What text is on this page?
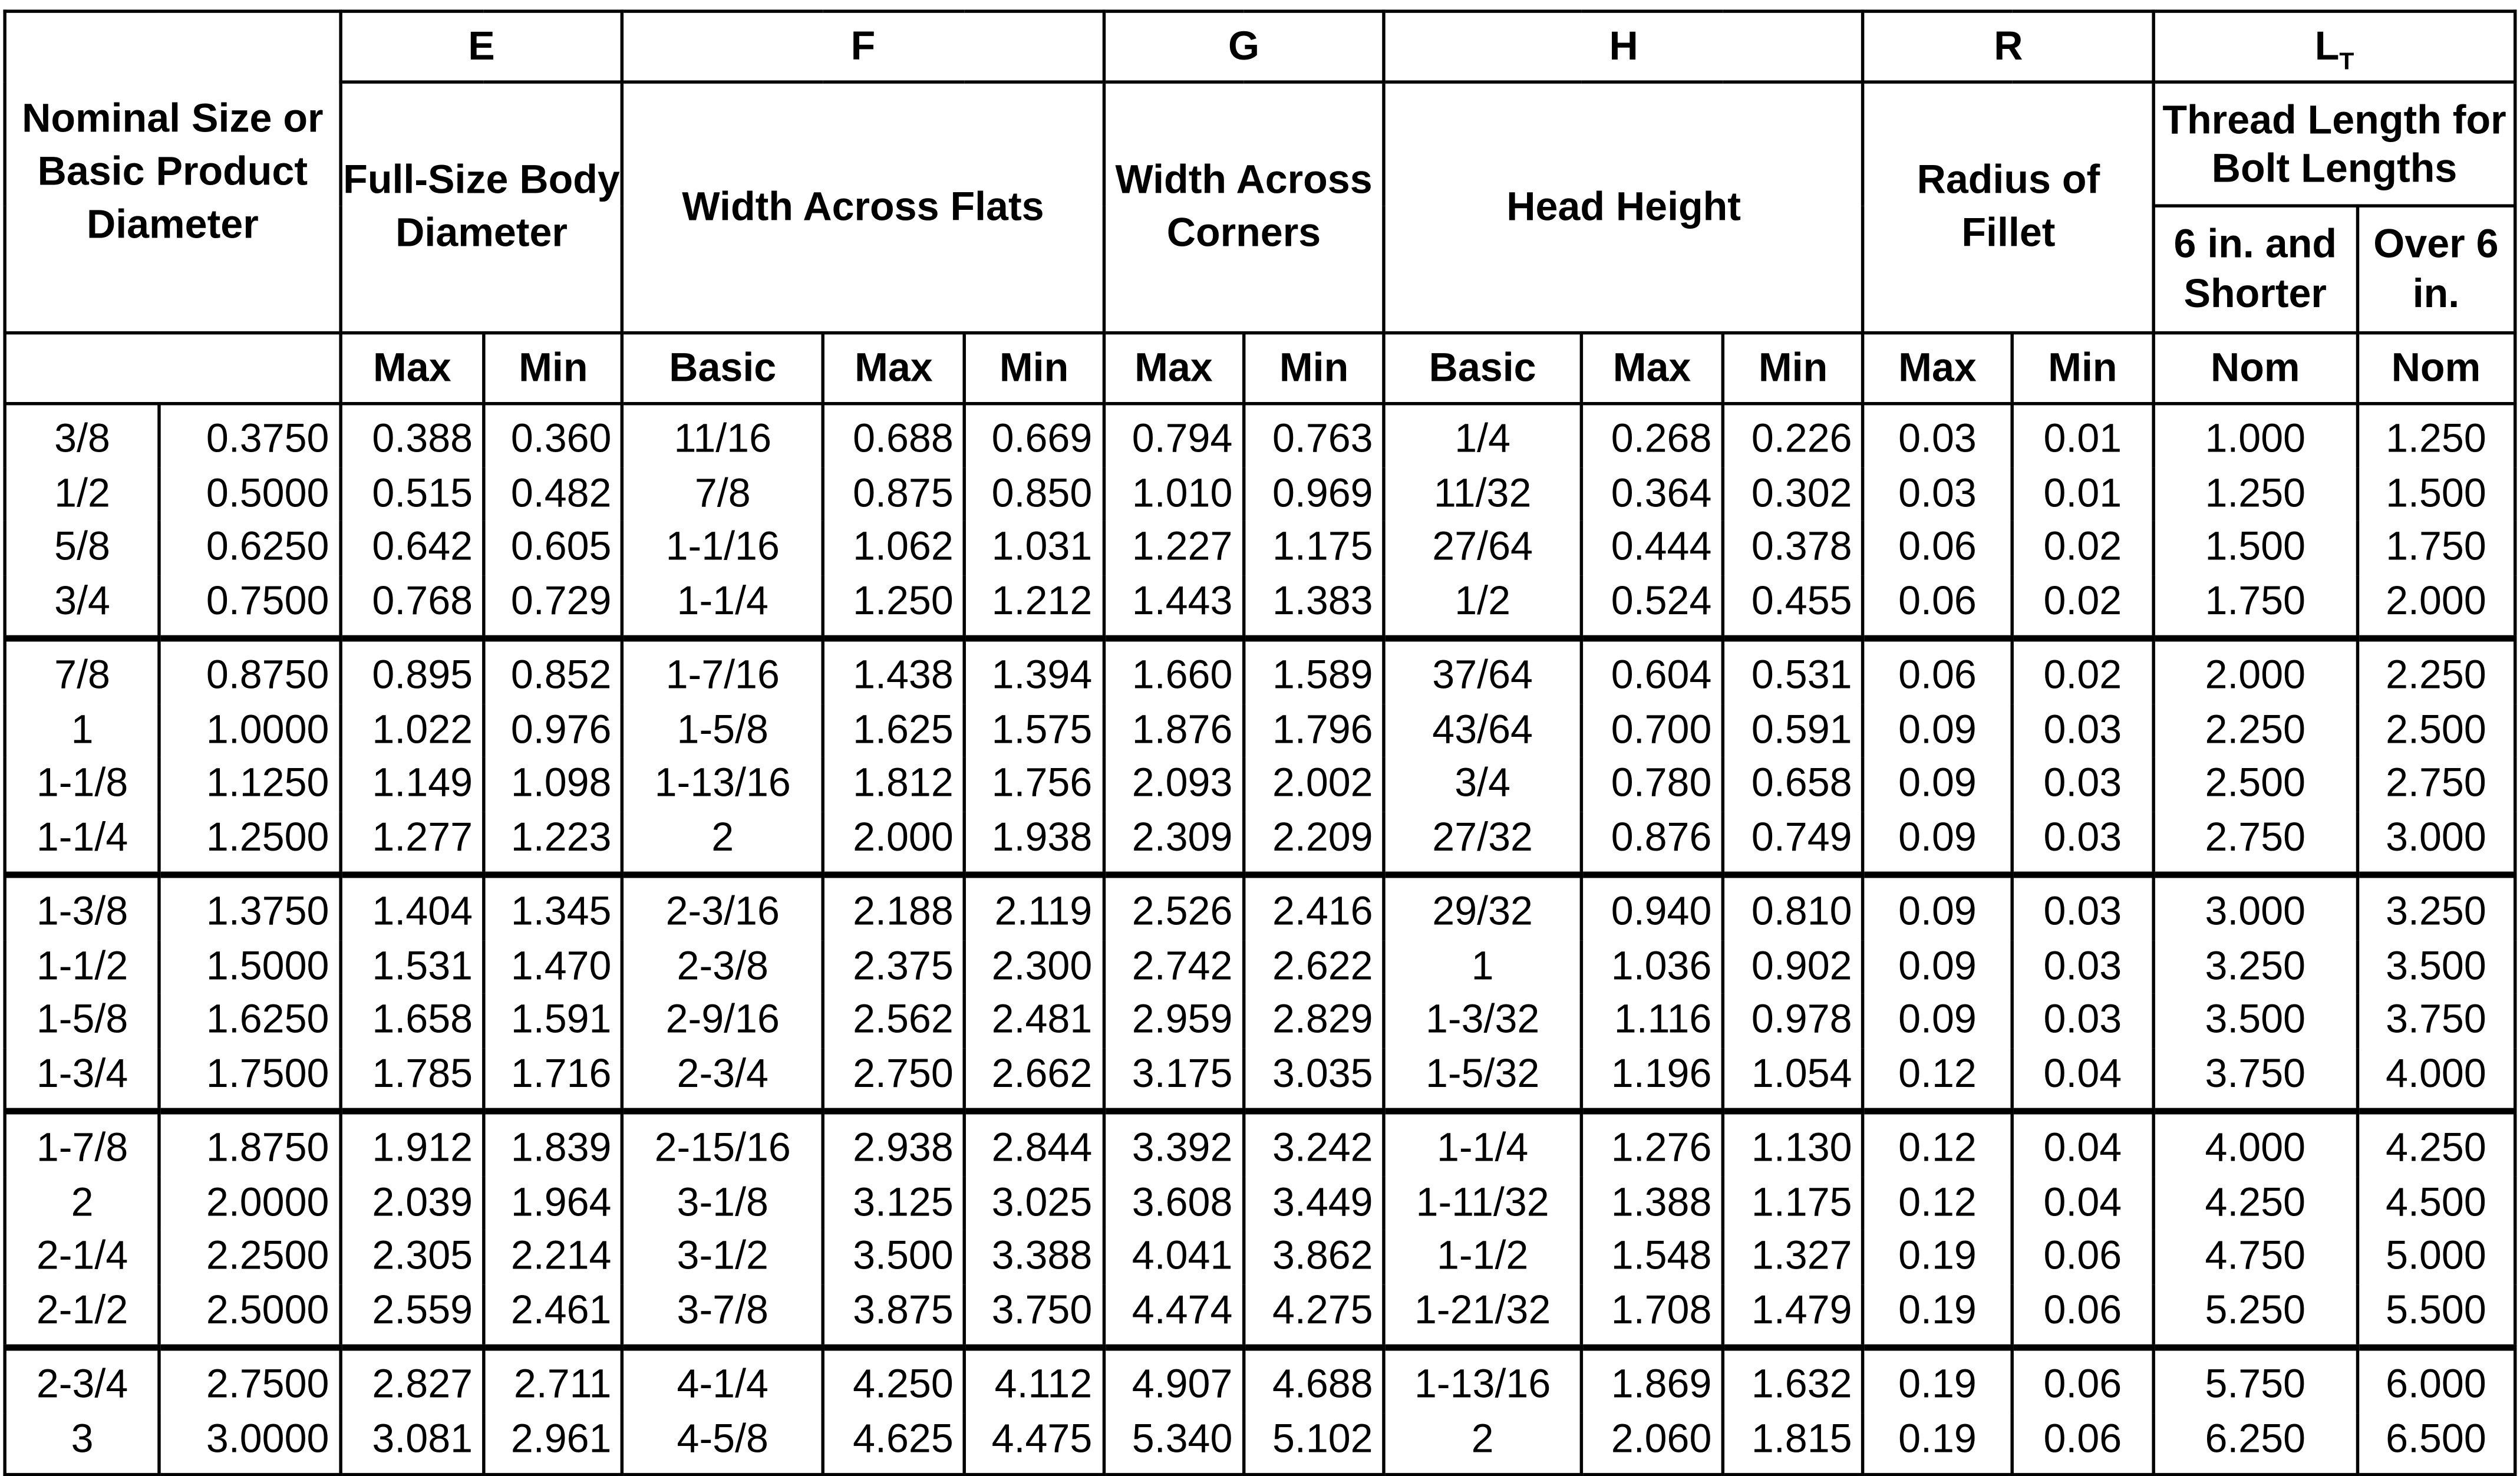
Nominal Size or Basic Product Diameter		E		F			G		H			R		$L_T$
		Full-Size Body Diameter		Width Across Flats			Width Across Corners		Head Height			Radius of Fillet		Thread Length for Bolt Lengths	
														6 in. and Shorter	Over 6 in.
		Max	Min	Basic	Max	Min	Max	Min	Basic	Max	Min	Max	Min	Nom	Nom
3/8	0.3750	0.388	0.360	11/16	0.688	0.669	0.794	0.763	1/4	0.268	0.226	0.03	0.01	1.000	1.250
1/2	0.5000	0.515	0.482	7/8	0.875	0.850	1.010	0.969	11/32	0.364	0.302	0.03	0.01	1.250	1.500
5/8	0.6250	0.642	0.605	1-1/16	1.062	1.031	1.227	1.175	27/64	0.444	0.378	0.06	0.02	1.500	1.750
3/4	0.7500	0.768	0.729	1-1/4	1.250	1.212	1.443	1.383	1/2	0.524	0.455	0.06	0.02	1.750	2.000
7/8	0.8750	0.895	0.852	1-7/16	1.438	1.394	1.660	1.589	37/64	0.604	0.531	0.06	0.02	2.000	2.250
1	1.0000	1.022	0.976	1-5/8	1.625	1.575	1.876	1.796	43/64	0.700	0.591	0.09	0.03	2.250	2.500
1-1/8	1.1250	1.149	1.098	1-13/16	1.812	1.756	2.093	2.002	3/4	0.780	0.658	0.09	0.03	2.500	2.750
1-1/4	1.2500	1.277	1.223	2	2.000	1.938	2.309	2.209	27/32	0.876	0.749	0.09	0.03	2.750	3.000
1-3/8	1.3750	1.404	1.345	2-3/16	2.188	2.119	2.526	2.416	29/32	0.940	0.810	0.09	0.03	3.000	3.250
1-1/2	1.5000	1.531	1.470	2-3/8	2.375	2.300	2.742	2.622	1	1.036	0.902	0.09	0.03	3.250	3.500
1-5/8	1.6250	1.658	1.591	2-9/16	2.562	2.481	2.959	2.829	1-3/32	1.116	0.978	0.09	0.03	3.500	3.750
1-3/4	1.7500	1.785	1.716	2-3/4	2.750	2.662	3.175	3.035	1-5/32	1.196	1.054	0.12	0.04	3.750	4.000
1-7/8	1.8750	1.912	1.839	2-15/16	2.938	2.844	3.392	3.242	1-1/4	1.276	1.130	0.12	0.04	4.000	4.250
2	2.0000	2.039	1.964	3-1/8	3.125	3.025	3.608	3.449	1-11/32	1.388	1.175	0.12	0.04	4.250	4.500
2-1/4	2.2500	2.305	2.214	3-1/2	3.500	3.388	4.041	3.862	1-1/2	1.548	1.327	0.19	0.06	4.750	5.000
2-1/2	2.5000	2.559	2.461	3-7/8	3.875	3.750	4.474	4.275	1-21/32	1.708	1.479	0.19	0.06	5.250	5.500
2-3/4	2.7500	2.827	2.711	4-1/4	4.250	4.112	4.907	4.688	1-13/16	1.869	1.632	0.19	0.06	5.750	6.000
3	3.0000	3.081	2.961	4-5/8	4.625	4.475	5.340	5.102	2	2.060	1.815	0.19	0.06	6.250	6.500
